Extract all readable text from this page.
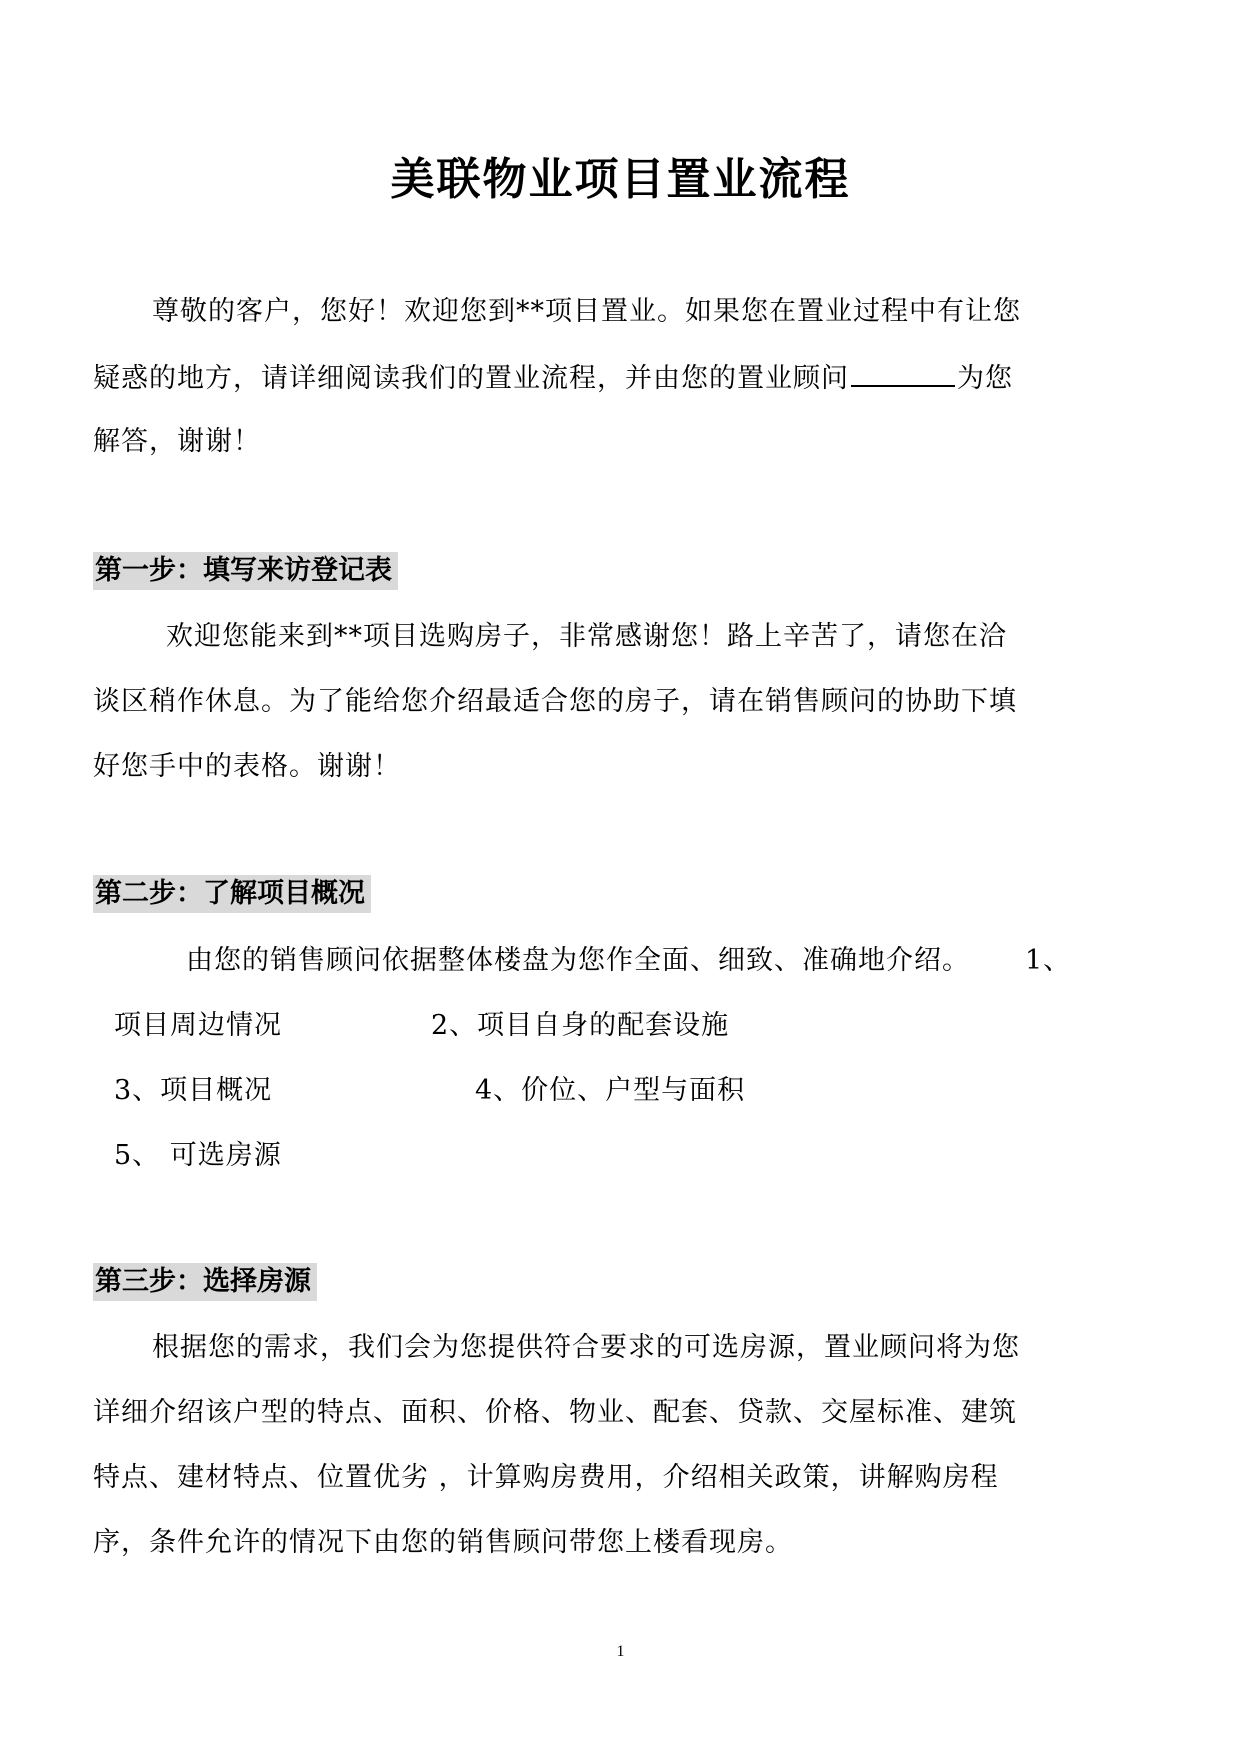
美联物业项目置业流程
尊敬的客户，您好！欢迎您到**项目置业。如果您在置业过程中有让您
疑惑的地方，请详细阅读我们的置业流程，并由您的置业顾问	为您
解答，谢谢！
第一步：填写来访登记表
欢迎您能来到**项目选购房子，非常感谢您！路上辛苦了，请您在洽
谈区稍作休息。为了能给您介绍最适合您的房子，请在销售顾问的协助下填
好您手中的表格。谢谢！
第二步：了解项目概况
由您的销售顾问依据整体楼盘为您作全面、细致、准确地介绍。 1、
项目周边情况	2、项目自身的配套设施
3、项目概况	4、价位、户型与面积
5、 可选房源
第三步：选择房源
根据您的需求，我们会为您提供符合要求的可选房源，置业顾问将为您
详细介绍该户型的特点、面积、价格、物业、配套、贷款、交屋标准、建筑
特点、建材特点、位置优劣 ，计算购房费用，介绍相关政策，讲解购房程
序，条件允许的情况下由您的销售顾问带您上楼看现房。
1
